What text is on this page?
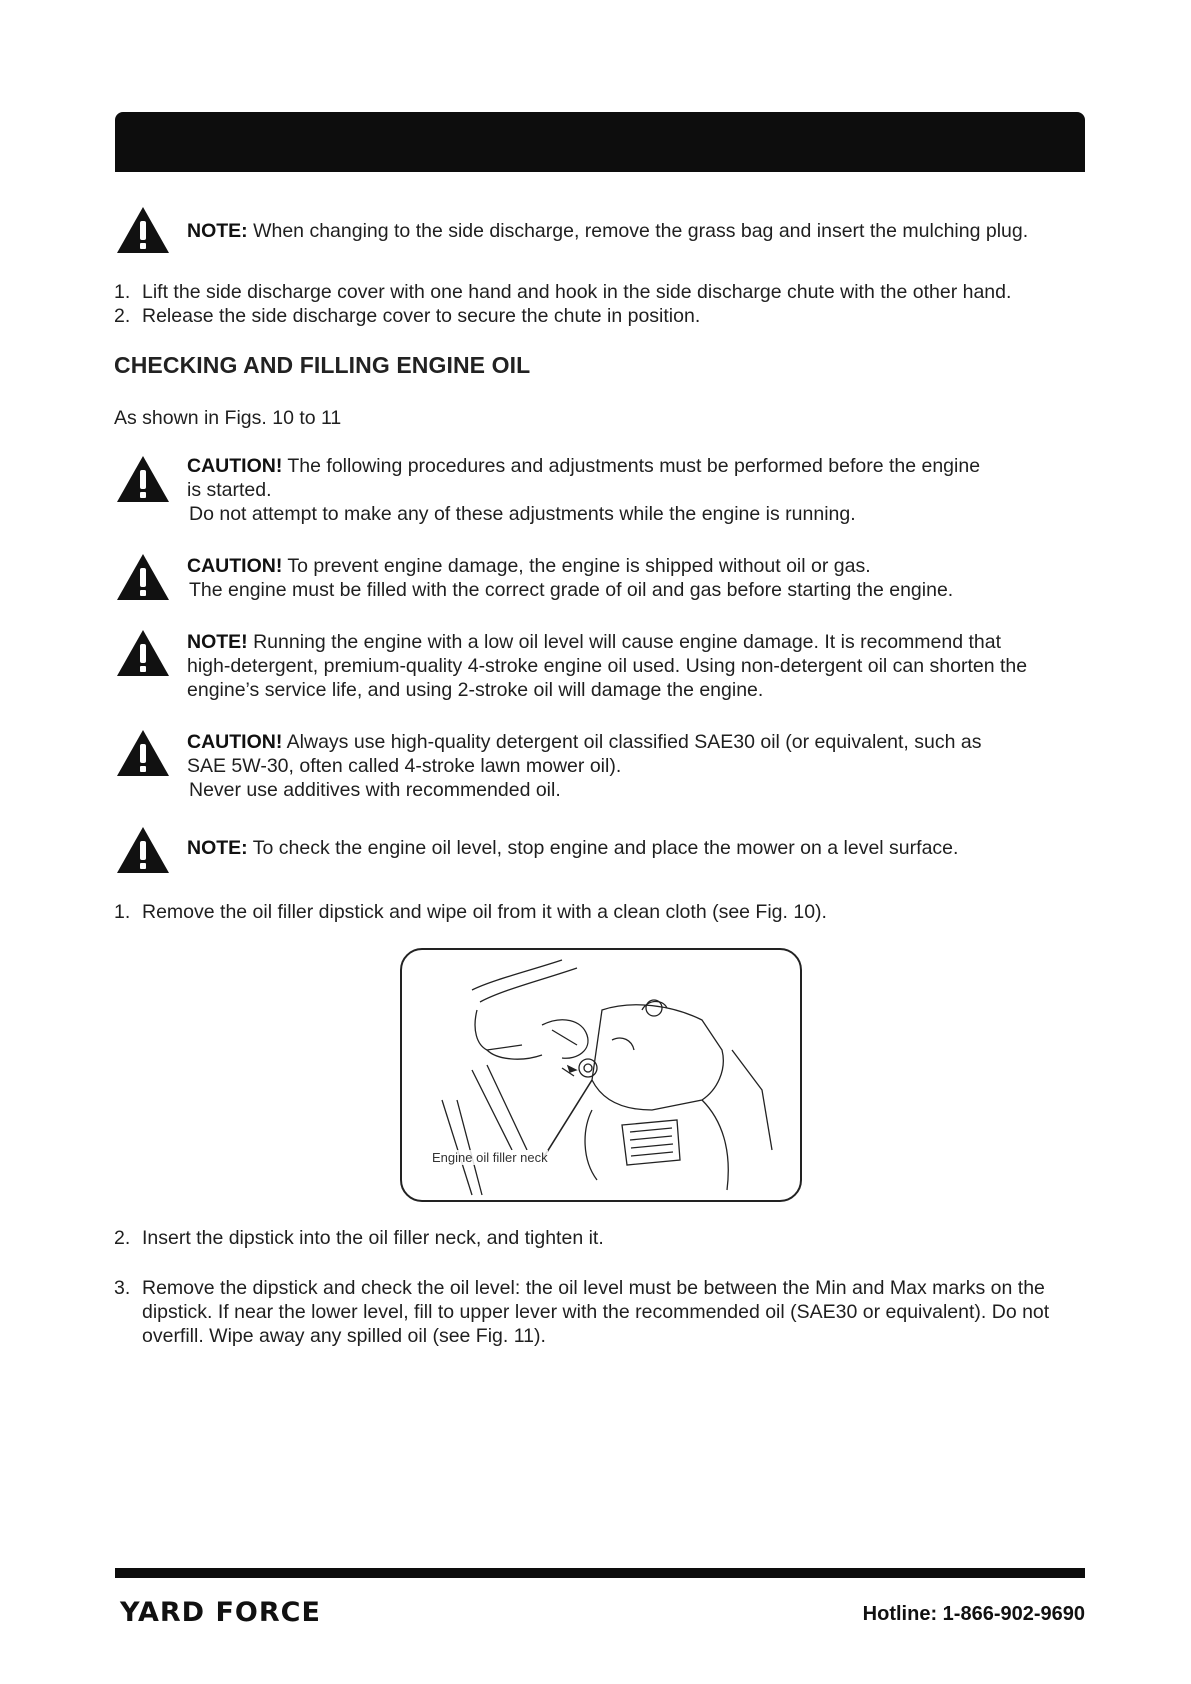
NOTE: When changing to the side discharge, remove the grass bag and insert the mulching plug.
1. Lift the side discharge cover with one hand and hook in the side discharge chute with the other hand.
2. Release the side discharge cover to secure the chute in position.
CHECKING AND FILLING ENGINE OIL
As shown in Figs. 10 to 11
CAUTION! The following procedures and adjustments must be performed before the engine
is started.
Do not attempt to make any of these adjustments while the engine is running.
CAUTION! To prevent engine damage, the engine is shipped without oil or gas.
The engine must be filled with the correct grade of oil and gas before starting the engine.
NOTE! Running the engine with a low oil level will cause engine damage. It is recommend that
high-detergent, premium-quality 4-stroke engine oil used. Using non-detergent oil can shorten the
engine’s service life, and using 2-stroke oil will damage the engine.
CAUTION! Always use high-quality detergent oil classified SAE30 oil (or equivalent, such as
SAE 5W-30, often called 4-stroke lawn mower oil).
Never use additives with recommended oil.
NOTE: To check the engine oil level, stop engine and place the mower on a level surface.
1. Remove the oil filler dipstick and wipe oil from it with a clean cloth (see Fig. 10).
Engine oil filler neck
2. Insert the dipstick into the oil filler neck, and tighten it.
3. Remove the dipstick and check the oil level: the oil level must be between the Min and Max marks on the dipstick. If near the lower level, fill to upper lever with the recommended oil (SAE30 or equivalent). Do not overfill. Wipe away any spilled oil (see Fig. 11).
YARD FORCE	Hotline: 1-866-902-9690
